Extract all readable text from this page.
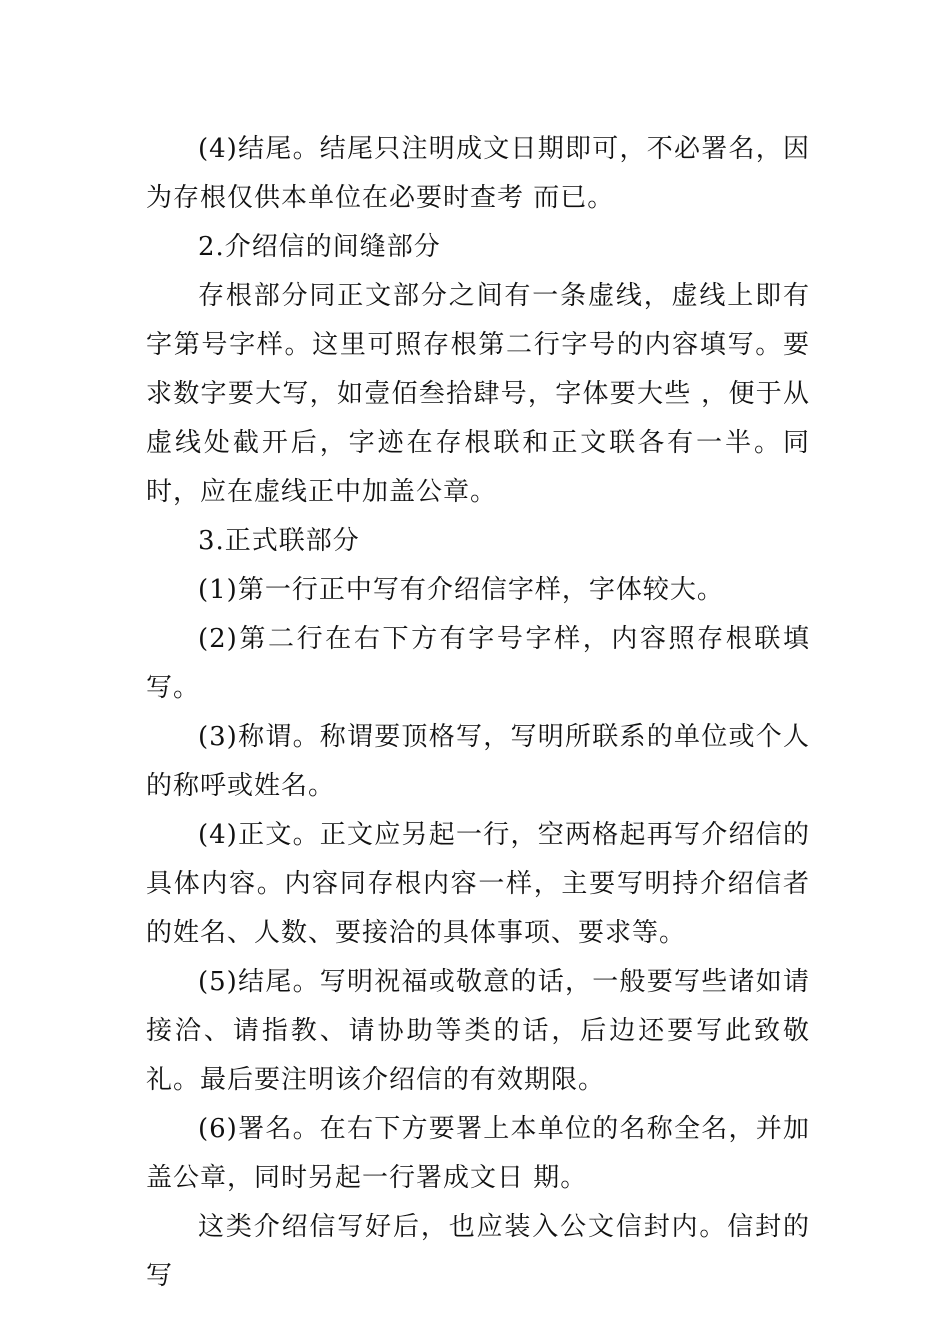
(4)结尾。结尾只注明成文日期即可，不必署名，因为存根仅供本单位在必要时查考 而已。

2.介绍信的间缝部分

存根部分同正文部分之间有一条虚线，虚线上即有字第号字样。这里可照存根第二行字号的内容填写。要求数字要大写，如壹佰叁拾肆号，字体要大些 ，便于从虚线处截开后，字迹在存根联和正文联各有一半。同时，应在虚线正中加盖公章。

3.正式联部分

(1)第一行正中写有介绍信字样，字体较大。

(2)第二行在右下方有字号字样，内容照存根联填写。

(3)称谓。称谓要顶格写，写明所联系的单位或个人的称呼或姓名。

(4)正文。正文应另起一行，空两格起再写介绍信的具体内容。内容同存根内容一样，主要写明持介绍信者的姓名、人数、要接洽的具体事项、要求等。

(5)结尾。写明祝福或敬意的话，一般要写些诸如请接洽、请指教、请协助等类的话，后边还要写此致敬礼。最后要注明该介绍信的有效期限。

(6)署名。在右下方要署上本单位的名称全名，并加盖公章，同时另起一行署成文日 期。

这类介绍信写好后，也应装入公文信封内。信封的写
